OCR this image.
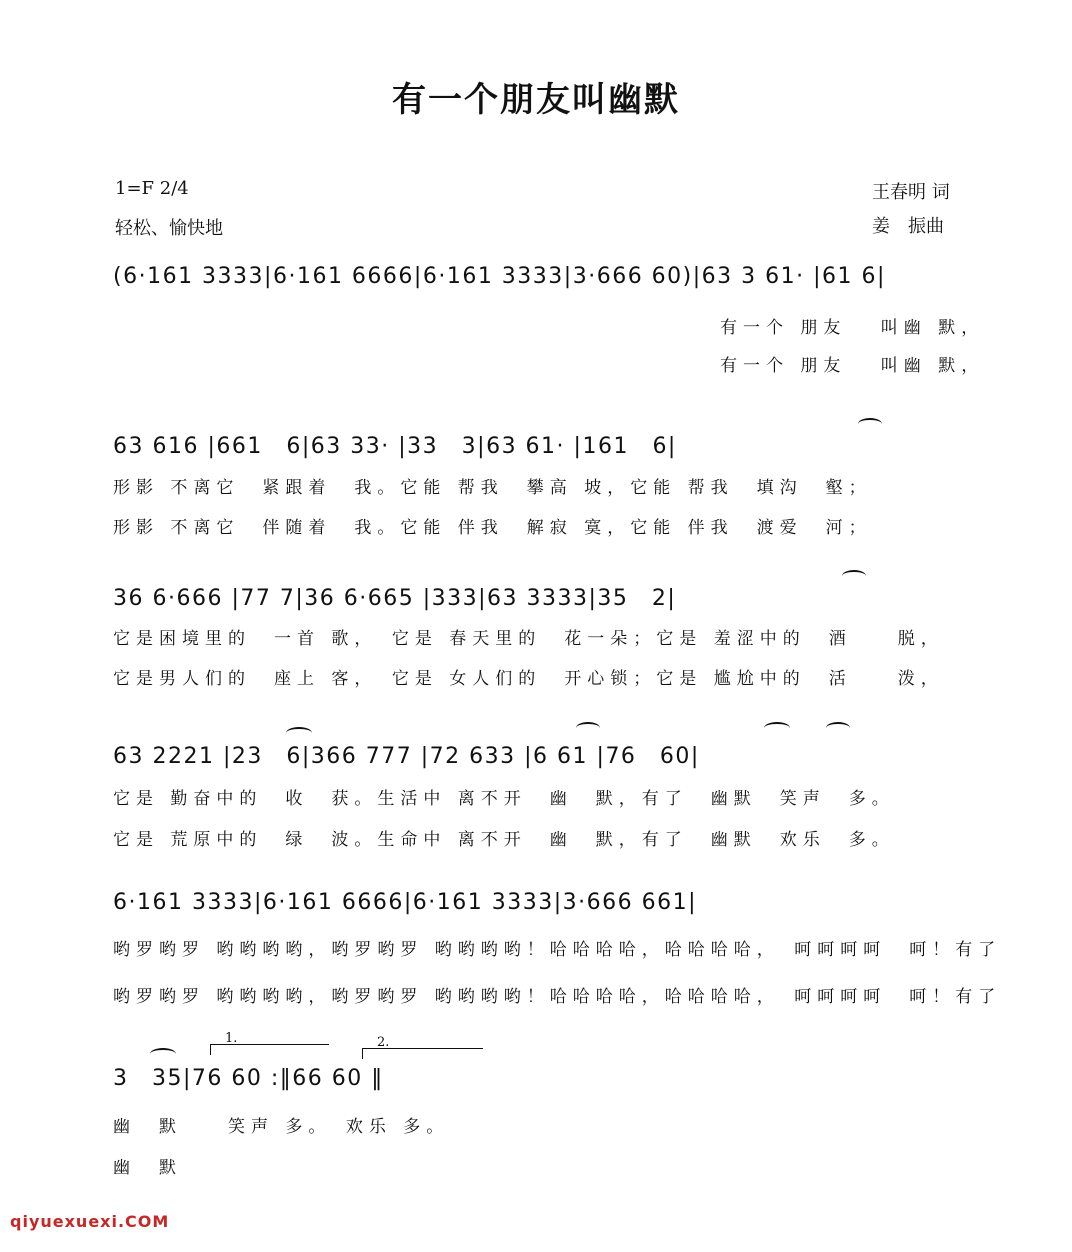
有一个朋友叫幽默
1=F 2/4
轻松、愉快地
王春明 词
姜　振曲
(6·161 3333|6·161 6666|6·161 3333|3·666 60)|63 3 61· |61 6|
有一个 朋友　 叫幽 默，
有一个 朋友　 叫幽 默，
63 616 |661　6|63 33· |33　3|63 61· |161　6|
形影 不离它　紧跟着　我。它能 帮我　攀高 坡，它能 帮我　填沟　壑；
形影 不离它　伴随着　我。它能 伴我　解寂 寞，它能 伴我　渡爱　河；
36 6·666 |77 7|36 6·665 |333|63 3333|35　2|
它是困境里的　一首 歌，　它是 春天里的　花一朵；它是 羞涩中的　酒　　脱，
它是男人们的　座上 客，　它是 女人们的　开心锁；它是 尴尬中的　活　　泼，
63 2221 |23　6|366 777 |72 633 |6 61 |76　60|
它是 勤奋中的　收　获。生活中 离不开　幽　默，有了　幽默　笑声　多。
它是 荒原中的　绿　波。生命中 离不开　幽　默，有了　幽默　欢乐　多。
6·161 3333|6·161 6666|6·161 3333|3·666 661|
哟罗哟罗 哟哟哟哟，哟罗哟罗 哟哟哟哟！哈哈哈哈，哈哈哈哈，　呵呵呵呵　呵！有了
哟罗哟罗 哟哟哟哟，哟罗哟罗 哟哟哟哟！哈哈哈哈，哈哈哈哈，　呵呵呵呵　呵！有了
1.	2.
3　35|76 60 :‖66 60 ‖
幽　默　　笑声 多。　欢乐 多。
幽　默
qiyuexuexi.COM
